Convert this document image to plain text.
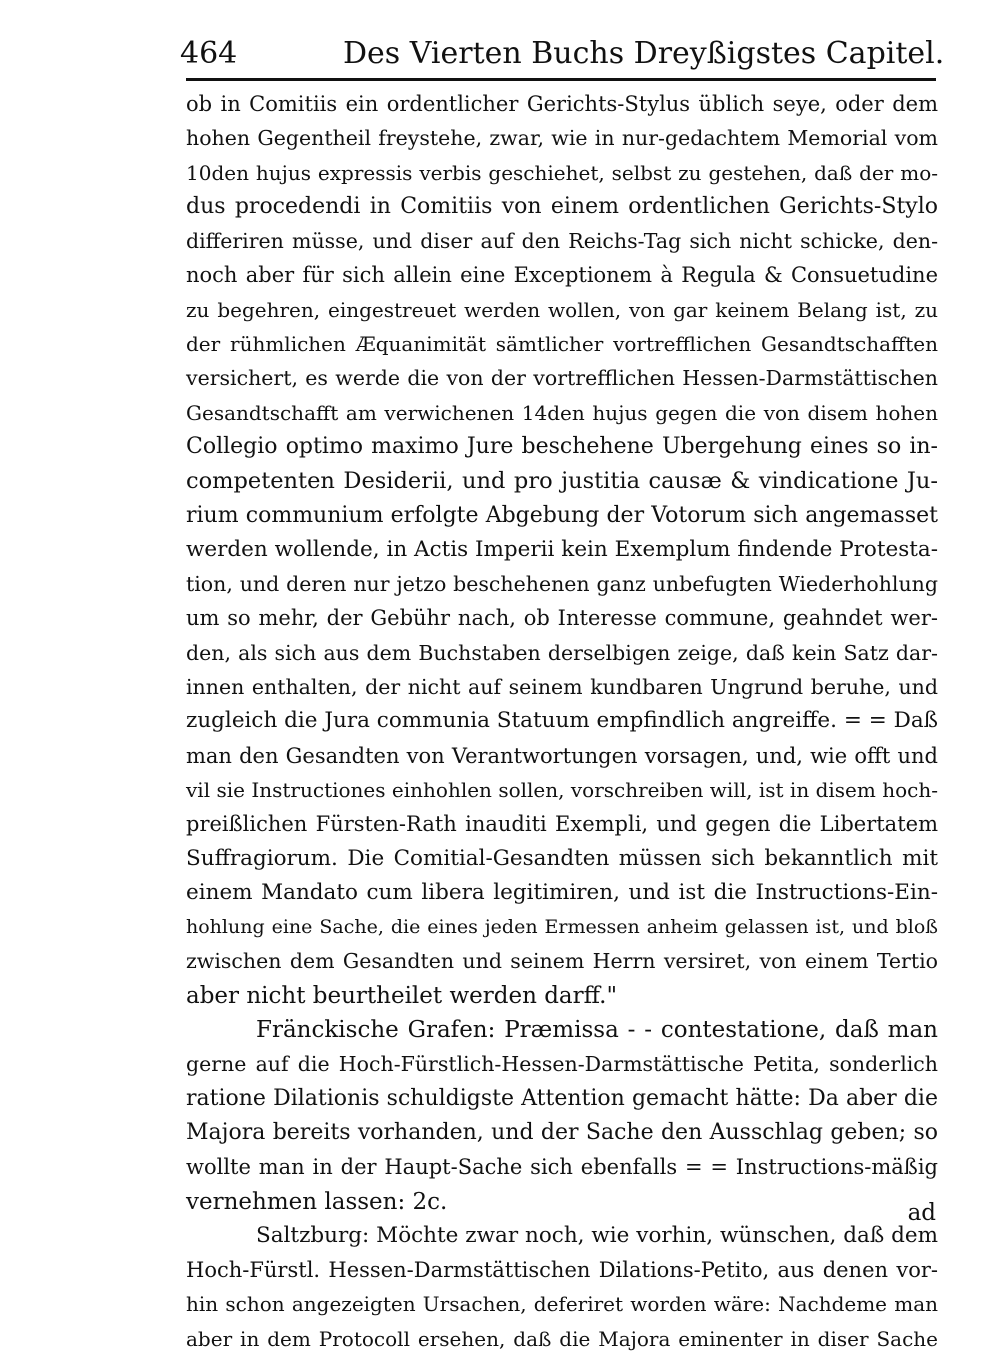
464	Des Vierten Buchs Dreyßigstes Capitel.
ob in Comitiis ein ordentlicher Gerichts-Stylus üblich seye, oder dem
hohen Gegentheil freystehe, zwar, wie in nur-gedachtem Memorial vom
10den hujus expressis verbis geschiehet, selbst zu gestehen, daß der mo-
dus procedendi in Comitiis von einem ordentlichen Gerichts-Stylo
differiren müsse, und diser auf den Reichs-Tag sich nicht schicke, den-
noch aber für sich allein eine Exceptionem à Regula & Consuetudine
zu begehren, eingestreuet werden wollen, von gar keinem Belang ist, zu
der rühmlichen Æquanimität sämtlicher vortrefflichen Gesandtschafften
versichert, es werde die von der vortrefflichen Hessen-Darmstättischen
Gesandtschafft am verwichenen 14den hujus gegen die von disem hohen
Collegio optimo maximo Jure beschehene Ubergehung eines so in-
competenten Desiderii, und pro justitia causæ & vindicatione Ju-
rium communium erfolgte Abgebung der Votorum sich angemasset
werden wollende, in Actis Imperii kein Exemplum findende Protesta-
tion, und deren nur jetzo beschehenen ganz unbefugten Wiederhohlung
um so mehr, der Gebühr nach, ob Interesse commune, geahndet wer-
den, als sich aus dem Buchstaben derselbigen zeige, daß kein Satz dar-
innen enthalten, der nicht auf seinem kundbaren Ungrund beruhe, und
zugleich die Jura communia Statuum empfindlich angreiffe. = = Daß
man den Gesandten von Verantwortungen vorsagen, und, wie offt und
vil sie Instructiones einhohlen sollen, vorschreiben will, ist in disem hoch-
preißlichen Fürsten-Rath inauditi Exempli, und gegen die Libertatem
Suffragiorum. Die Comitial-Gesandten müssen sich bekanntlich mit
einem Mandato cum libera legitimiren, und ist die Instructions-Ein-
hohlung eine Sache, die eines jeden Ermessen anheim gelassen ist, und bloß
zwischen dem Gesandten und seinem Herrn versiret, von einem Tertio
aber nicht beurtheilet werden darff."
Fränckische Grafen: Præmissa - - contestatione, daß man
gerne auf die Hoch-Fürstlich-Hessen-Darmstättische Petita, sonderlich
ratione Dilationis schuldigste Attention gemacht hätte: Da aber die
Majora bereits vorhanden, und der Sache den Ausschlag geben; so
wollte man in der Haupt-Sache sich ebenfalls = = Instructions-mäßig
vernehmen lassen: 2c.
Saltzburg: Möchte zwar noch, wie vorhin, wünschen, daß dem
Hoch-Fürstl. Hessen-Darmstättischen Dilations-Petito, aus denen vor-
hin schon angezeigten Ursachen, deferiret worden wäre: Nachdeme man
aber in dem Protocoll ersehen, daß die Majora eminenter in diser Sache
ad
